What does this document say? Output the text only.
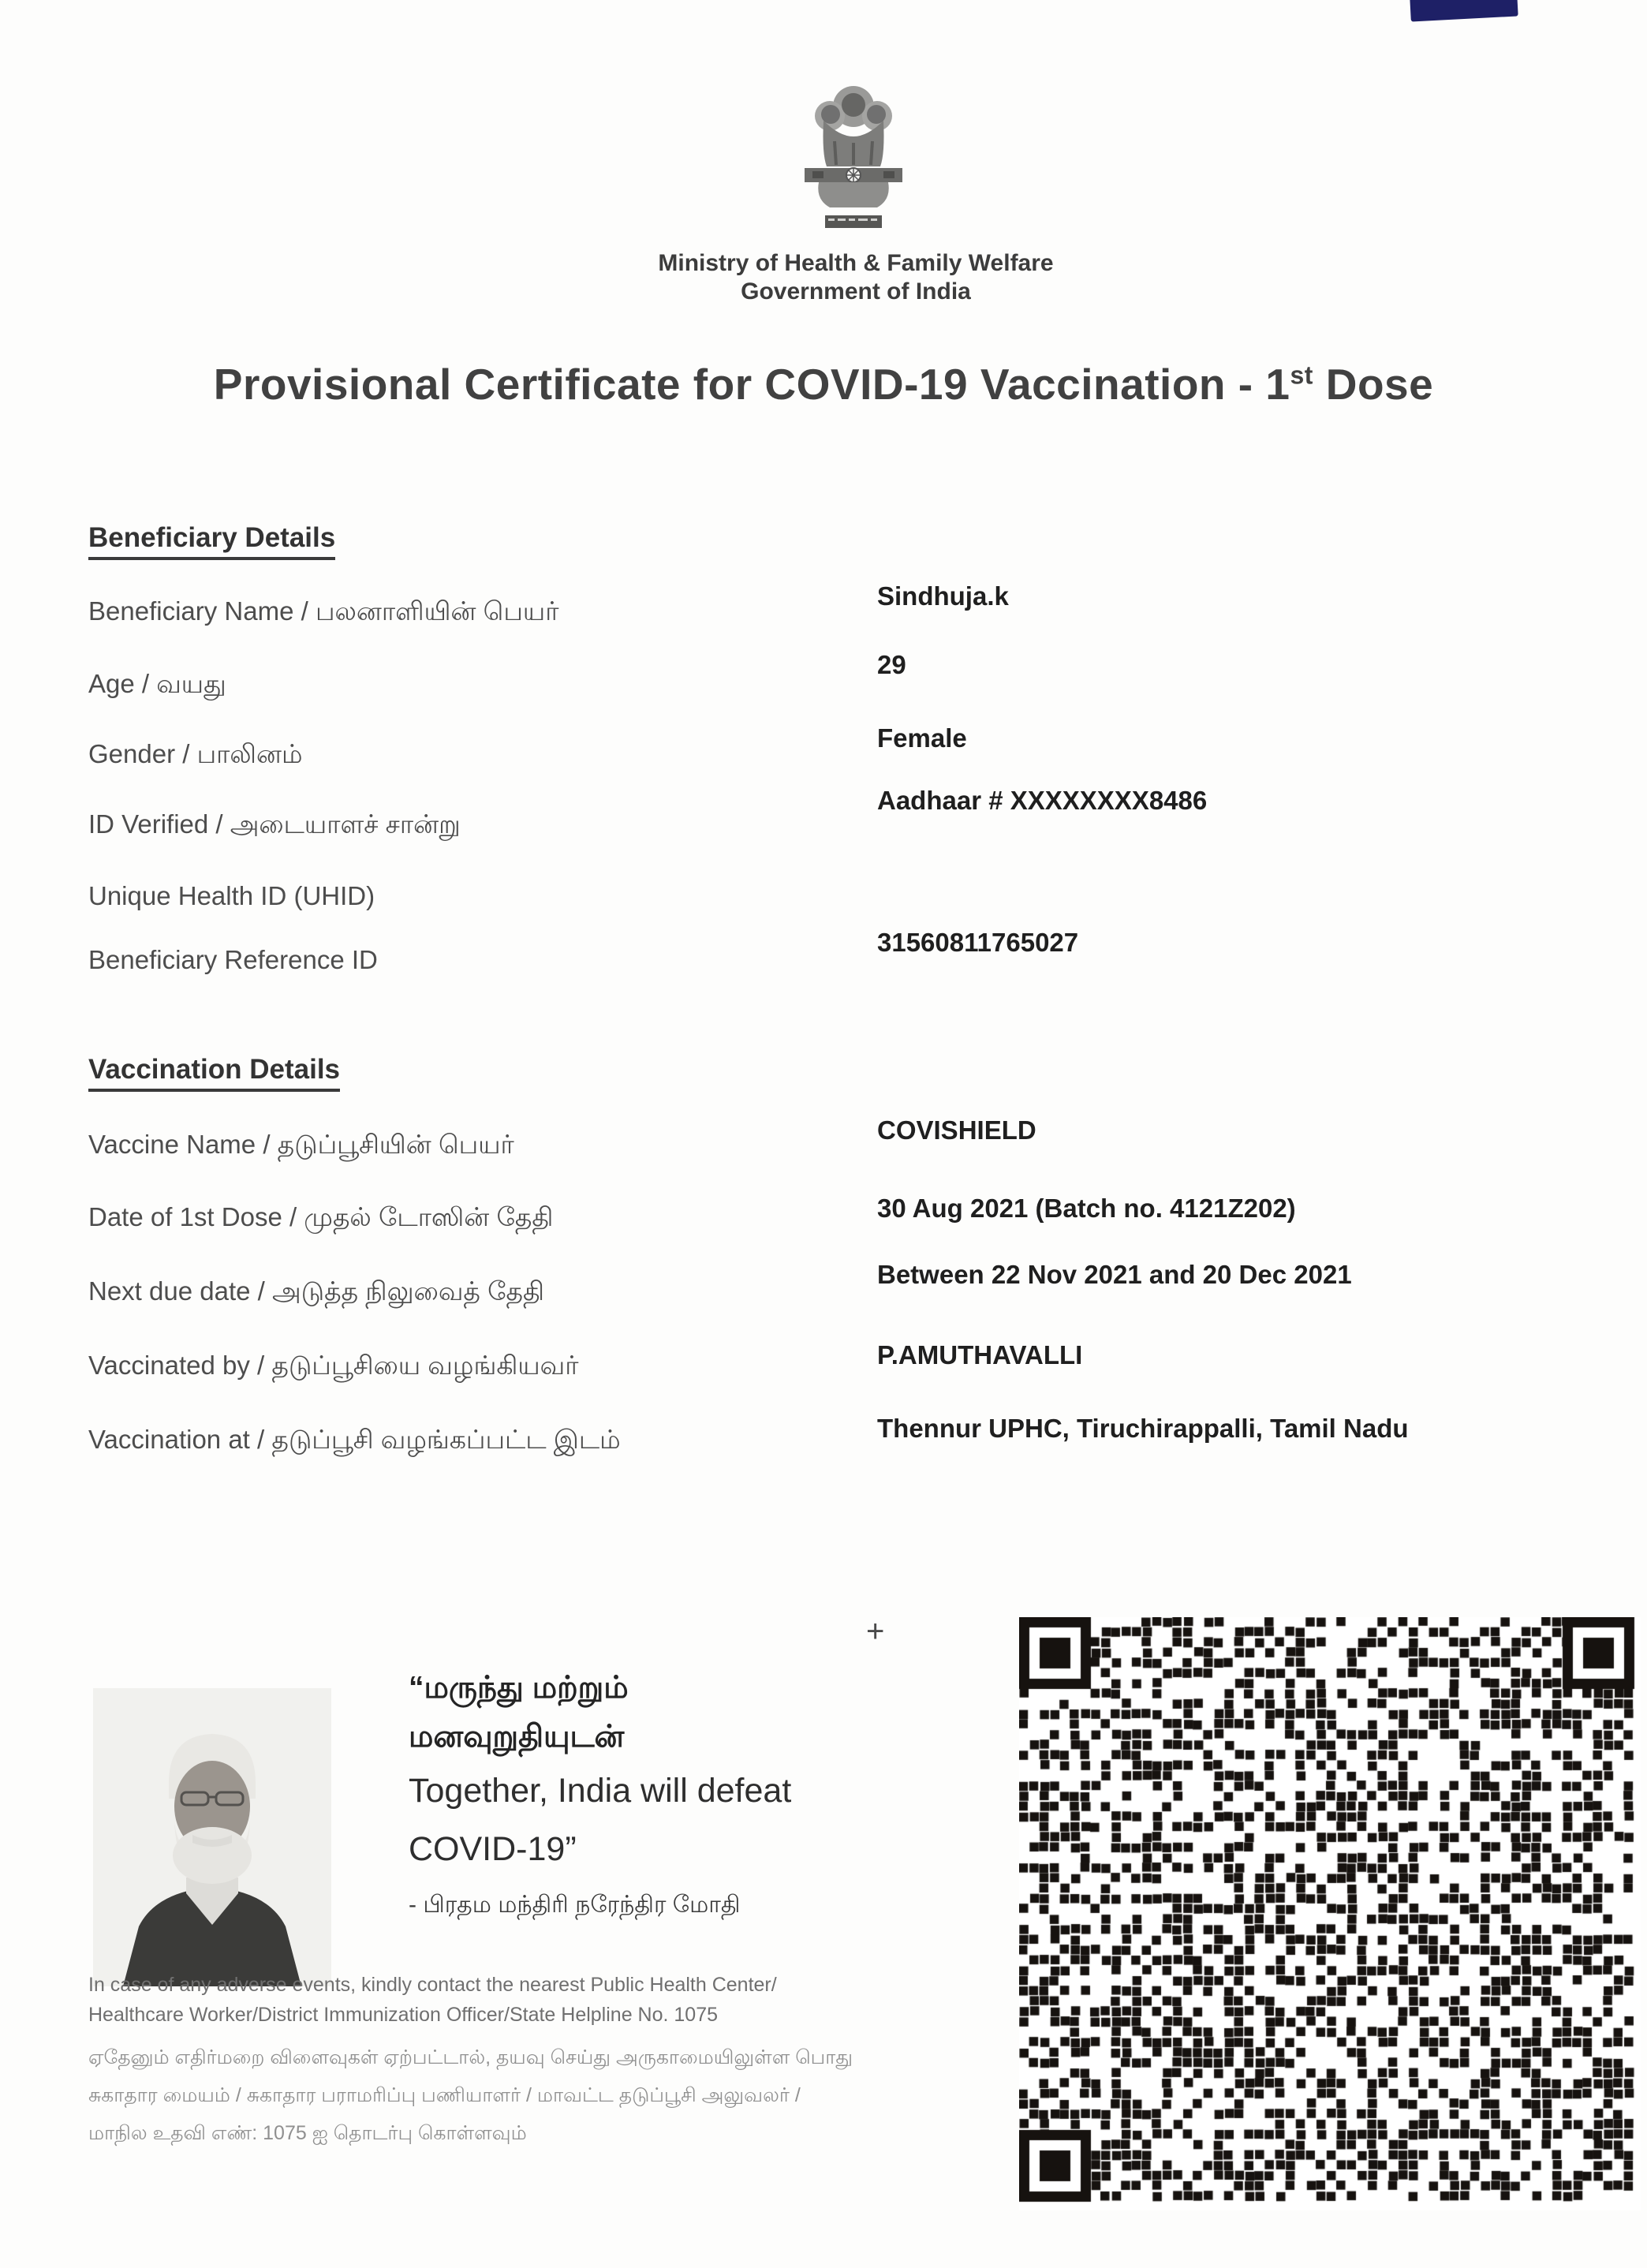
Ministry of Health & Family Welfare
Government of India
Provisional Certificate for COVID-19 Vaccination - 1st Dose
Beneficiary Details
Beneficiary Name / பலனாளியின் பெயர்
Age / வயது
Gender / பாலினம்
ID Verified / அடையாளச் சான்று
Unique Health ID (UHID)
Beneficiary Reference ID
Sindhuja.k
29
Female
Aadhaar # XXXXXXXX8486
31560811765027
Vaccination Details
Vaccine Name / தடுப்பூசியின் பெயர்
Date of 1st Dose / முதல் டோஸின் தேதி
Next due date / அடுத்த நிலுவைத் தேதி
Vaccinated by / தடுப்பூசியை வழங்கியவர்
Vaccination at / தடுப்பூசி வழங்கப்பட்ட இடம்
COVISHIELD
30 Aug 2021 (Batch no. 4121Z202)
Between 22 Nov 2021 and 20 Dec 2021
P.AMUTHAVALLI
Thennur UPHC, Tiruchirappalli, Tamil Nadu
“மருந்து மற்றும்
மனவுறுதியுடன்
Together, India will defeat
COVID-19”
- பிரதம மந்திரி நரேந்திர மோதி
+
In case of any adverse events, kindly contact the nearest Public Health Center/
Healthcare Worker/District Immunization Officer/State Helpline No. 1075
ஏதேனும் எதிர்மறை விளைவுகள் ஏற்பட்டால், தயவு செய்து அருகாமையிலுள்ள பொது
சுகாதார மையம் / சுகாதார பராமரிப்பு பணியாளர் / மாவட்ட தடுப்பூசி அலுவலர் /
மாநில உதவி எண்: 1075 ஐ தொடர்பு கொள்ளவும்
